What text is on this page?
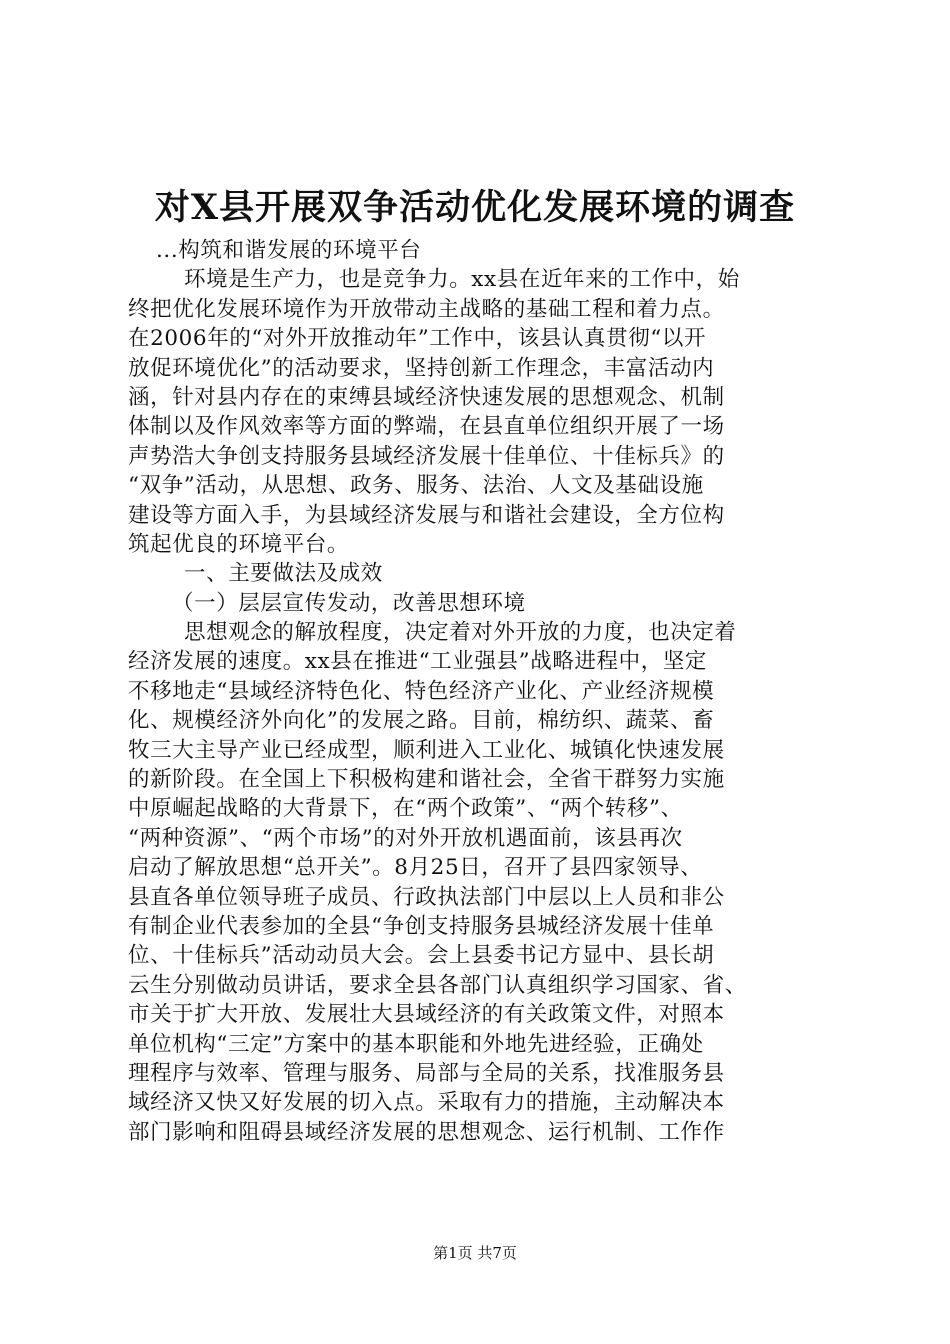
对X县开展双争活动优化发展环境的调查
...构筑和谐发展的环境平台
环境是生产力，也是竞争力。xx县在近年来的工作中，始
终把优化发展环境作为开放带动主战略的基础工程和着力点。
在2006年的“对外开放推动年”工作中，该县认真贯彻“以开
放促环境优化”的活动要求，坚持创新工作理念，丰富活动内
涵，针对县内存在的束缚县域经济快速发展的思想观念、机制
体制以及作风效率等方面的弊端，在县直单位组织开展了一场
声势浩大争创支持服务县域经济发展十佳单位、十佳标兵》的
“双争”活动，从思想、政务、服务、法治、人文及基础设施
建设等方面入手，为县域经济发展与和谐社会建设，全方位构
筑起优良的环境平台。
一、主要做法及成效
（一）层层宣传发动，改善思想环境
思想观念的解放程度，决定着对外开放的力度，也决定着
经济发展的速度。xx县在推进“工业强县”战略进程中，坚定
不移地走“县域经济特色化、特色经济产业化、产业经济规模
化、规模经济外向化”的发展之路。目前，棉纺织、蔬菜、畜
牧三大主导产业已经成型，顺利进入工业化、城镇化快速发展
的新阶段。在全国上下积极构建和谐社会，全省干群努力实施
中原崛起战略的大背景下，在“两个政策”、“两个转移”、
“两种资源”、“两个市场”的对外开放机遇面前，该县再次
启动了解放思想“总开关”。8月25日，召开了县四家领导、
县直各单位领导班子成员、行政执法部门中层以上人员和非公
有制企业代表参加的全县“争创支持服务县城经济发展十佳单
位、十佳标兵”活动动员大会。会上县委书记方显中、县长胡
云生分别做动员讲话，要求全县各部门认真组织学习国家、省、
市关于扩大开放、发展壮大县域经济的有关政策文件，对照本
单位机构“三定”方案中的基本职能和外地先进经验，正确处
理程序与效率、管理与服务、局部与全局的关系，找准服务县
域经济又快又好发展的切入点。采取有力的措施，主动解决本
部门影响和阻碍县域经济发展的思想观念、运行机制、工作作
第1页 共7页
